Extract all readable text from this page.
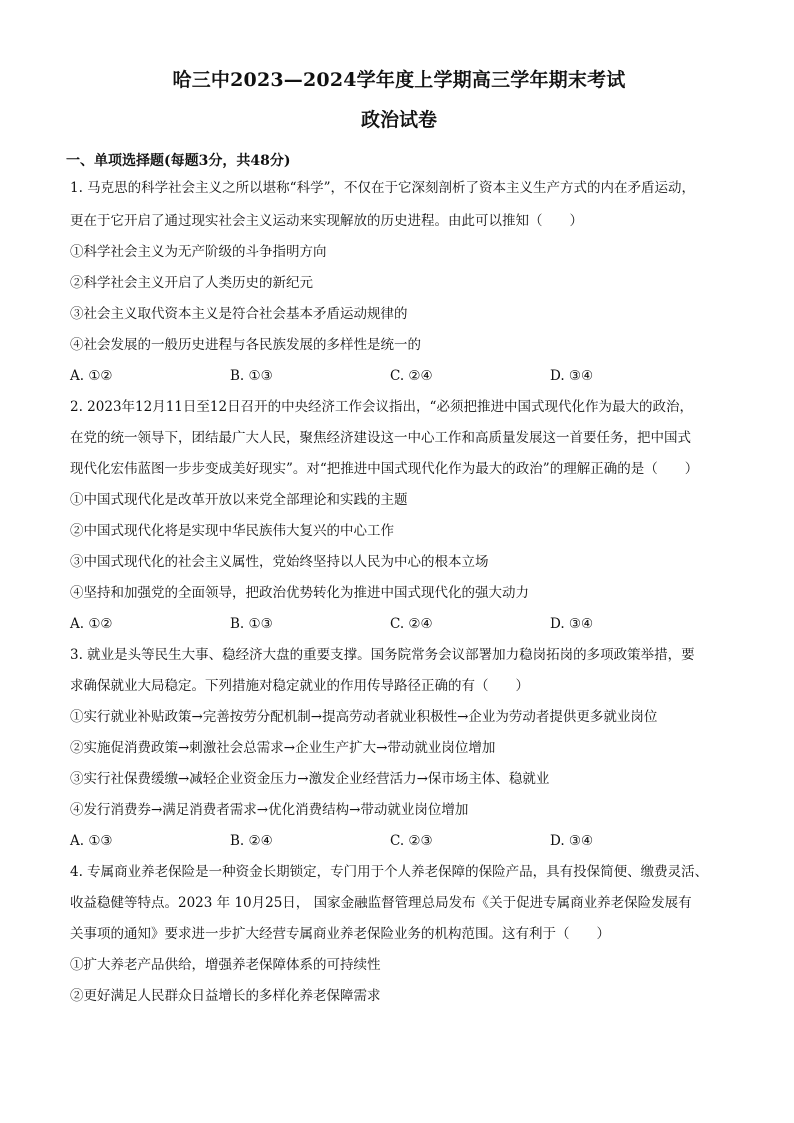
哈三中2023—2024学年度上学期高三学年期末考试
政治试卷
一、单项选择题(每题3分，共48分)

1. 马克思的科学社会主义之所以堪称“科学”，不仅在于它深刻剖析了资本主义生产方式的内在矛盾运动，

更在于它开启了通过现实社会主义运动来实现解放的历史进程。由此可以推知（　　）

①科学社会主义为无产阶级的斗争指明方向

②科学社会主义开启了人类历史的新纪元

③社会主义取代资本主义是符合社会基本矛盾运动规律的

④社会发展的一般历史进程与各民族发展的多样性是统一的

A. ①②	B. ①③	C. ②④	D. ③④

2. 2023年12月11日至12日召开的中央经济工作会议指出，“必须把推进中国式现代化作为最大的政治，

在党的统一领导下，团结最广大人民，聚焦经济建设这一中心工作和高质量发展这一首要任务，把中国式

现代化宏伟蓝图一步步变成美好现实”。对“把推进中国式现代化作为最大的政治”的理解正确的是（　　）

①中国式现代化是改革开放以来党全部理论和实践的主题

②中国式现代化将是实现中华民族伟大复兴的中心工作

③中国式现代化的社会主义属性，党始终坚持以人民为中心的根本立场

④坚持和加强党的全面领导，把政治优势转化为推进中国式现代化的强大动力

A. ①②	B. ①③	C. ②④	D. ③④

3. 就业是头等民生大事、稳经济大盘的重要支撑。国务院常务会议部署加力稳岗拓岗的多项政策举措，要

求确保就业大局稳定。下列措施对稳定就业的作用传导路径正确的有（　　）

①实行就业补贴政策→完善按劳分配机制→提高劳动者就业积极性→企业为劳动者提供更多就业岗位

②实施促消费政策→刺激社会总需求→企业生产扩大→带动就业岗位增加

③实行社保费缓缴→减轻企业资金压力→激发企业经营活力→保市场主体、稳就业

④发行消费券→满足消费者需求→优化消费结构→带动就业岗位增加

A. ①③	B. ②④	C. ②③	D. ③④

4. 专属商业养老保险是一种资金长期锁定，专门用于个人养老保障的保险产品，具有投保简便、缴费灵活、

收益稳健等特点。2023 年 10月25日， 国家金融监督管理总局发布《关于促进专属商业养老保险发展有

关事项的通知》要求进一步扩大经营专属商业养老保险业务的机构范围。这有利于（　　）

①扩大养老产品供给，增强养老保障体系的可持续性

②更好满足人民群众日益增长的多样化养老保障需求
